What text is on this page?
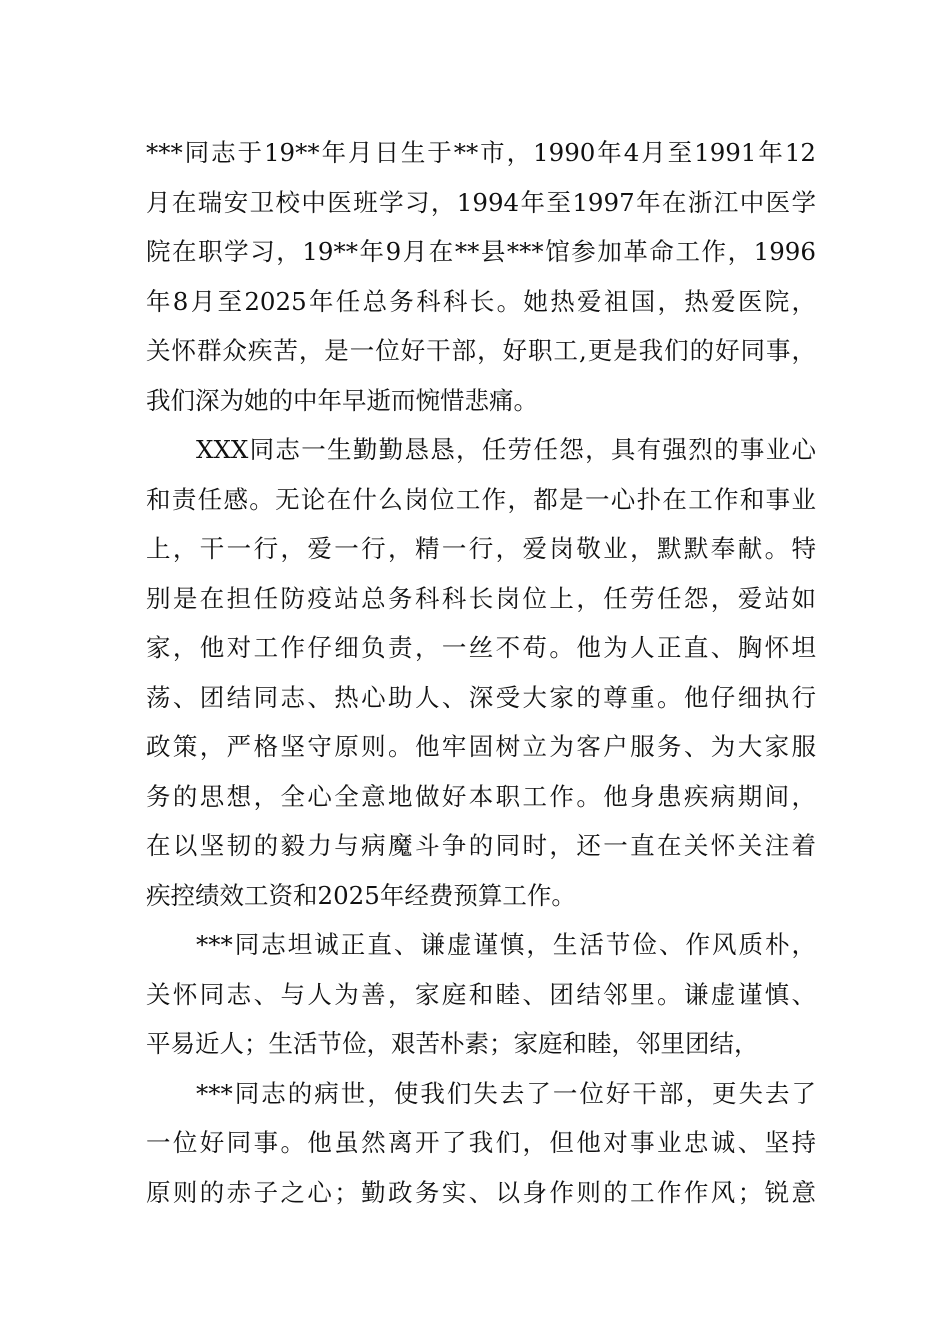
***同志于19**年月日生于**市，1990年4月至1991年12
月在瑞安卫校中医班学习，1994年至1997年在浙江中医学
院在职学习，19**年9月在**县***馆参加革命工作，1996
年8月至2025年任总务科科长。她热爱祖国，热爱医院，
关怀群众疾苦，是一位好干部，好职工,更是我们的好同事，
我们深为她的中年早逝而惋惜悲痛。
XXX同志一生勤勤恳恳，任劳任怨，具有强烈的事业心
和责任感。无论在什么岗位工作，都是一心扑在工作和事业
上，干一行，爱一行，精一行，爱岗敬业，默默奉献。特
别是在担任防疫站总务科科长岗位上，任劳任怨，爱站如
家，他对工作仔细负责，一丝不苟。他为人正直、胸怀坦
荡、团结同志、热心助人、深受大家的尊重。他仔细执行
政策，严格坚守原则。他牢固树立为客户服务、为大家服
务的思想，全心全意地做好本职工作。他身患疾病期间，
在以坚韧的毅力与病魔斗争的同时，还一直在关怀关注着
疾控绩效工资和2025年经费预算工作。
***同志坦诚正直、谦虚谨慎，生活节俭、作风质朴，
关怀同志、与人为善，家庭和睦、团结邻里。谦虚谨慎、
平易近人；生活节俭，艰苦朴素；家庭和睦，邻里团结，
***同志的病世，使我们失去了一位好干部，更失去了
一位好同事。他虽然离开了我们，但他对事业忠诚、坚持
原则的赤子之心；勤政务实、以身作则的工作作风；锐意
